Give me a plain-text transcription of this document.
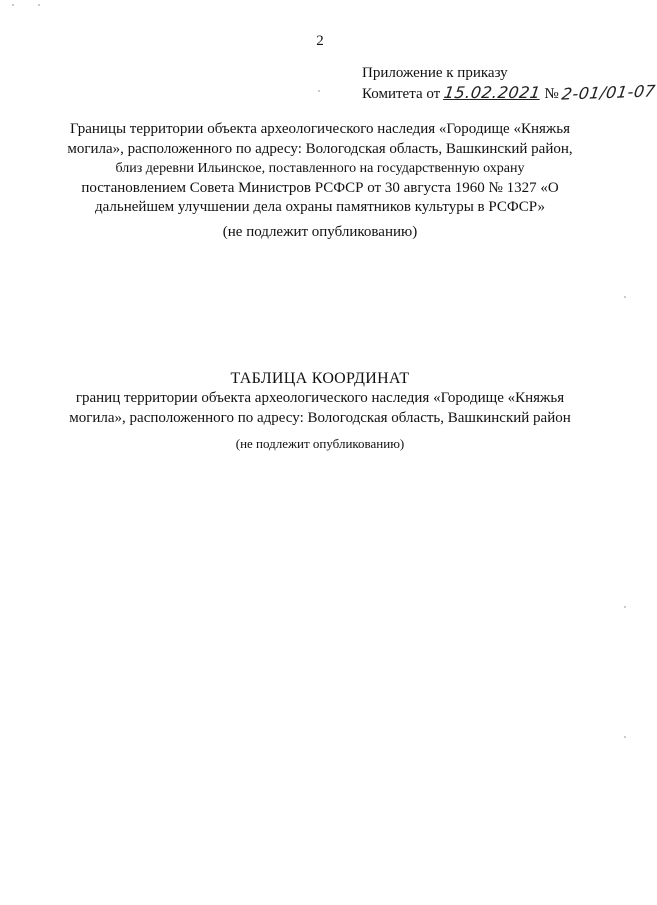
2
Приложение к приказу
Комитета от 15.02.2021 № 2-01/01-07
Границы территории объекта археологического наследия «Городище «Княжья
могила», расположенного по адресу: Вологодская область, Вашкинский район,
близ деревни Ильинское, поставленного на государственную охрану
постановлением Совета Министров РСФСР от 30 августа 1960 № 1327 «О
дальнейшем улучшении дела охраны памятников культуры в РСФСР»
(не подлежит опубликованию)
ТАБЛИЦА КООРДИНАТ
границ территории объекта археологического наследия «Городище «Княжья
могила», расположенного по адресу: Вологодская область, Вашкинский район
(не подлежит опубликованию)
